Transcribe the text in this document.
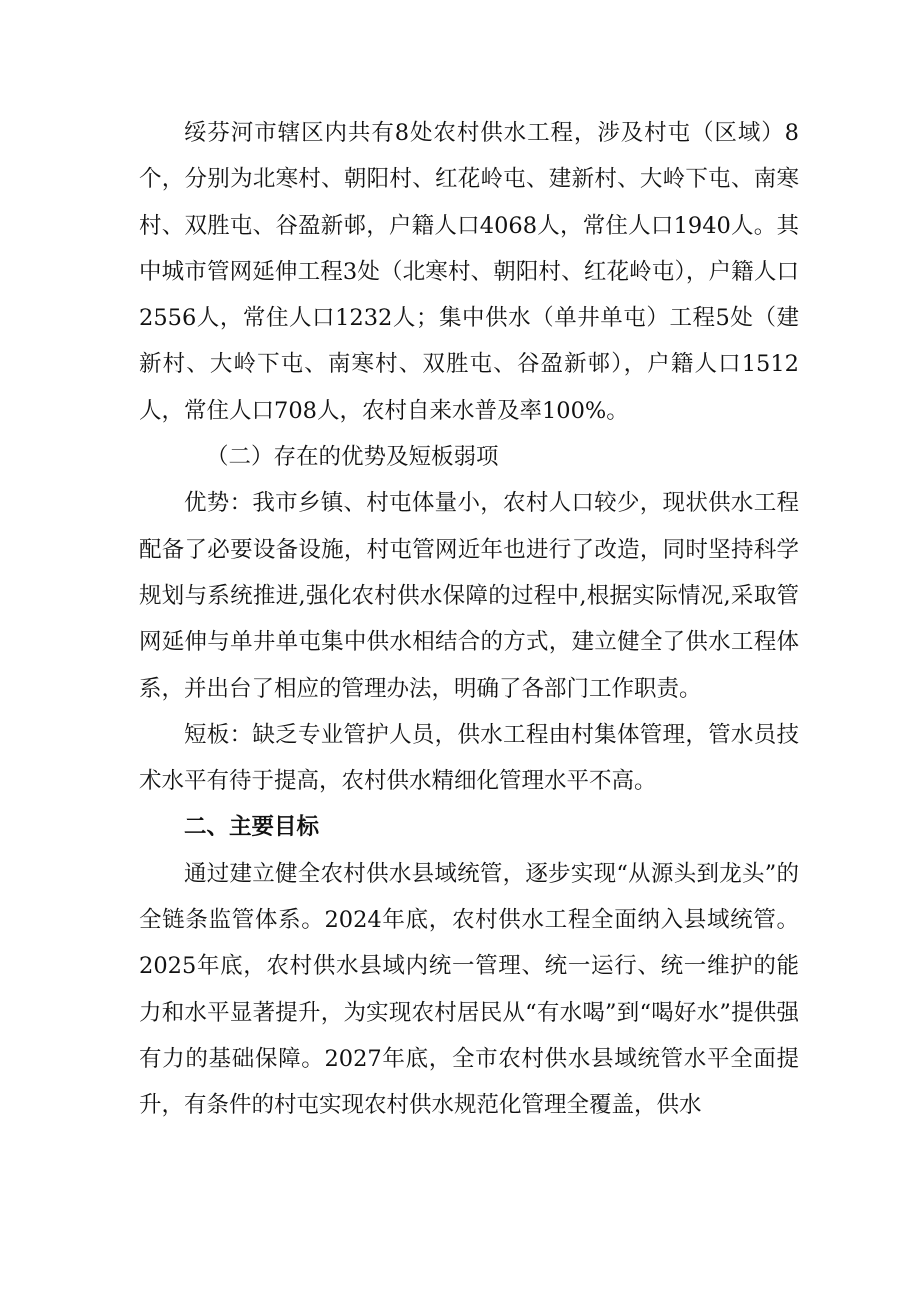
绥芬河市辖区内共有8处农村供水工程，涉及村屯（区域）8个，分别为北寒村、朝阳村、红花岭屯、建新村、大岭下屯、南寒村、双胜屯、谷盈新邨，户籍人口4068人，常住人口1940人。其中城市管网延伸工程3处（北寒村、朝阳村、红花岭屯），户籍人口2556人，常住人口1232人；集中供水（单井单屯）工程5处（建新村、大岭下屯、南寒村、双胜屯、谷盈新邨），户籍人口1512人，常住人口708人，农村自来水普及率100%。

（二）存在的优势及短板弱项

优势：我市乡镇、村屯体量小，农村人口较少，现状供水工程配备了必要设备设施，村屯管网近年也进行了改造，同时坚持科学规划与系统推进,强化农村供水保障的过程中,根据实际情况,采取管网延伸与单井单屯集中供水相结合的方式，建立健全了供水工程体系，并出台了相应的管理办法，明确了各部门工作职责。

短板：缺乏专业管护人员，供水工程由村集体管理，管水员技术水平有待于提高，农村供水精细化管理水平不高。

二、主要目标

通过建立健全农村供水县域统管，逐步实现“从源头到龙头”的全链条监管体系。2024年底，农村供水工程全面纳入县域统管。2025年底，农村供水县域内统一管理、统一运行、统一维护的能力和水平显著提升，为实现农村居民从“有水喝”到“喝好水”提供强有力的基础保障。2027年底，全市农村供水县域统管水平全面提升，有条件的村屯实现农村供水规范化管理全覆盖，供水
